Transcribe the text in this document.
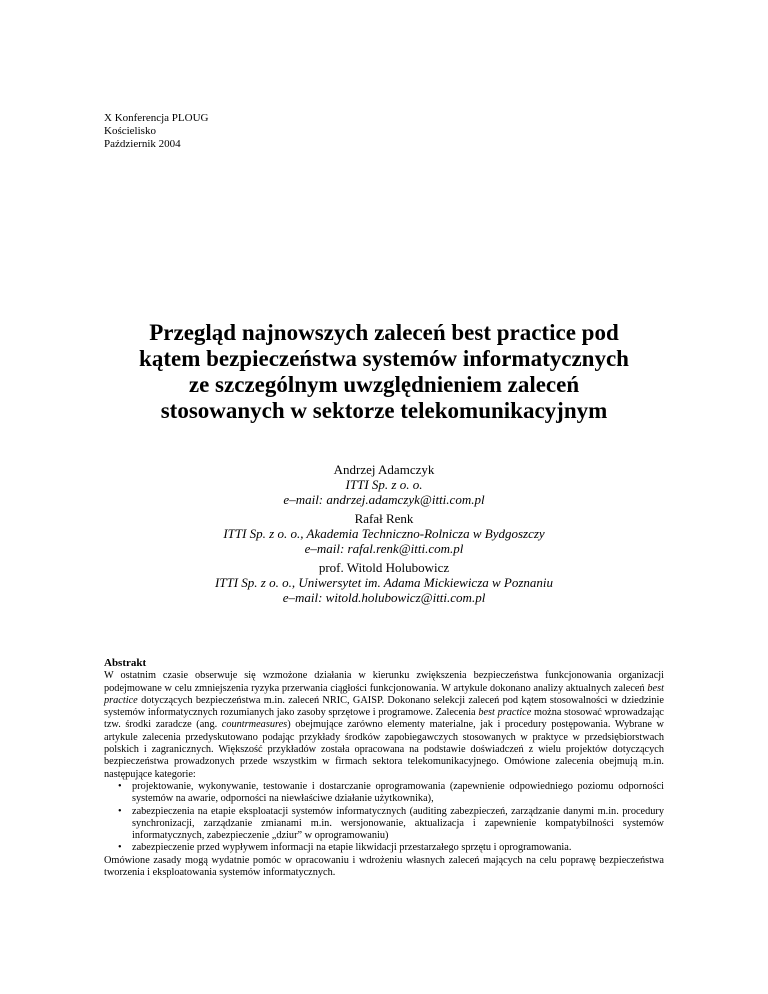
X Konferencja PLOUG
Kościelisko
Październik 2004
Przegląd najnowszych zaleceń best practice pod
kątem bezpieczeństwa systemów informatycznych
ze szczególnym uwzględnieniem zaleceń
stosowanych w sektorze telekomunikacyjnym
Andrzej Adamczyk
ITTI Sp. z o. o.
e–mail: andrzej.adamczyk@itti.com.pl
Rafał Renk
ITTI Sp. z o. o., Akademia Techniczno-Rolnicza w Bydgoszczy
e–mail: rafal.renk@itti.com.pl
prof. Witold Holubowicz
ITTI Sp. z o. o., Uniwersytet im. Adama Mickiewicza w Poznaniu
e–mail: witold.holubowicz@itti.com.pl
Abstrakt

W ostatnim czasie obserwuje się wzmożone działania w kierunku zwiększenia bezpieczeństwa funkcjonowania organizacji podejmowane w celu zmniejszenia ryzyka przerwania ciągłości funkcjonowania. W artykule dokonano analizy aktualnych zaleceń best practice dotyczących bezpieczeństwa m.in. zaleceń NRIC, GAISP. Dokonano selekcji zaleceń pod kątem stosowalności w dziedzinie systemów informatycznych rozumianych jako zasoby sprzętowe i programowe. Zalecenia best practice można stosować wprowadzając tzw. środki zaradcze (ang. countrmeasures) obejmujące zarówno elementy materialne, jak i procedury postępowania. Wybrane w artykule zalecenia przedyskutowano podając przykłady środków zapobiegawczych stosowanych w praktyce w przedsiębiorstwach polskich i zagranicznych. Większość przykładów została opracowana na podstawie doświadczeń z wielu projektów dotyczących bezpieczeństwa prowadzonych przede wszystkim w firmach sektora telekomunikacyjnego. Omówione zalecenia obejmują m.in. następujące kategorie:

• projektowanie, wykonywanie, testowanie i dostarczanie oprogramowania (zapewnienie odpowiedniego poziomu odporności systemów na awarie, odporności na niewłaściwe działanie użytkownika),
• zabezpieczenia na etapie eksploatacji systemów informatycznych (auditing zabezpieczeń, zarządzanie danymi m.in. procedury synchronizacji, zarządzanie zmianami m.in. wersjonowanie, aktualizacja i zapewnienie kompatybilności systemów informatycznych, zabezpieczenie „dziur” w oprogramowaniu)
• zabezpieczenie przed wypływem informacji na etapie likwidacji przestarzałego sprzętu i oprogramowania.

Omówione zasady mogą wydatnie pomóc w opracowaniu i wdrożeniu własnych zaleceń mających na celu poprawę bezpieczeństwa tworzenia i eksploatowania systemów informatycznych.
